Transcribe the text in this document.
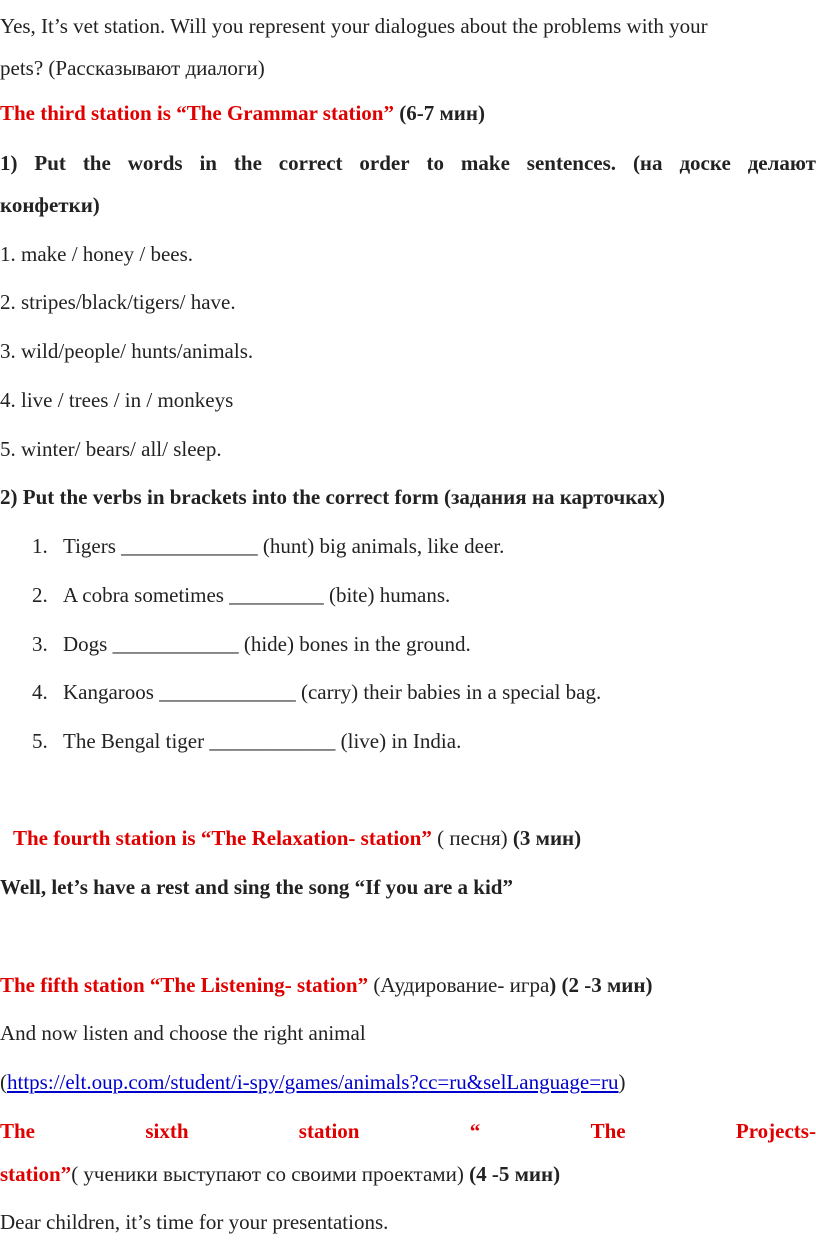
Yes, It’s vet station. Will you represent your dialogues about the problems with your
pets? (Рассказывают диалоги)
The third station is “The Grammar station” (6-7 мин)
1) Put the words in the correct order to make sentences. (на доске делают
конфетки)
1. make / honey / bees.
2. stripes/black/tigers/ have.
3. wild/people/ hunts/animals.
4. live / trees / in / monkeys
5. winter/ bears/ all/ sleep.
2) Put the verbs in brackets into the correct form (задания на карточках)
1. Tigers _____________ (hunt) big animals, like deer.
2. A cobra sometimes _________ (bite) humans.
3. Dogs ____________ (hide) bones in the ground.
4. Kangaroos _____________ (carry) their babies in a special bag.
5. The Bengal tiger ____________ (live) in India.
The fourth station is “The Relaxation- station” ( песня) (3 мин)
Well, let’s have a rest and sing the song “If you are a kid”
The fifth station “The Listening- station” (Аудирование- игра) (2 -3 мин)
And now listen and choose the right animal
(https://elt.oup.com/student/i-spy/games/animals?cc=ru&selLanguage=ru)
The	sixth	station	“	The	Projects-
station”( ученики выступают со своими проектами) (4 -5 мин)
Dear children, it’s time for your presentations.
